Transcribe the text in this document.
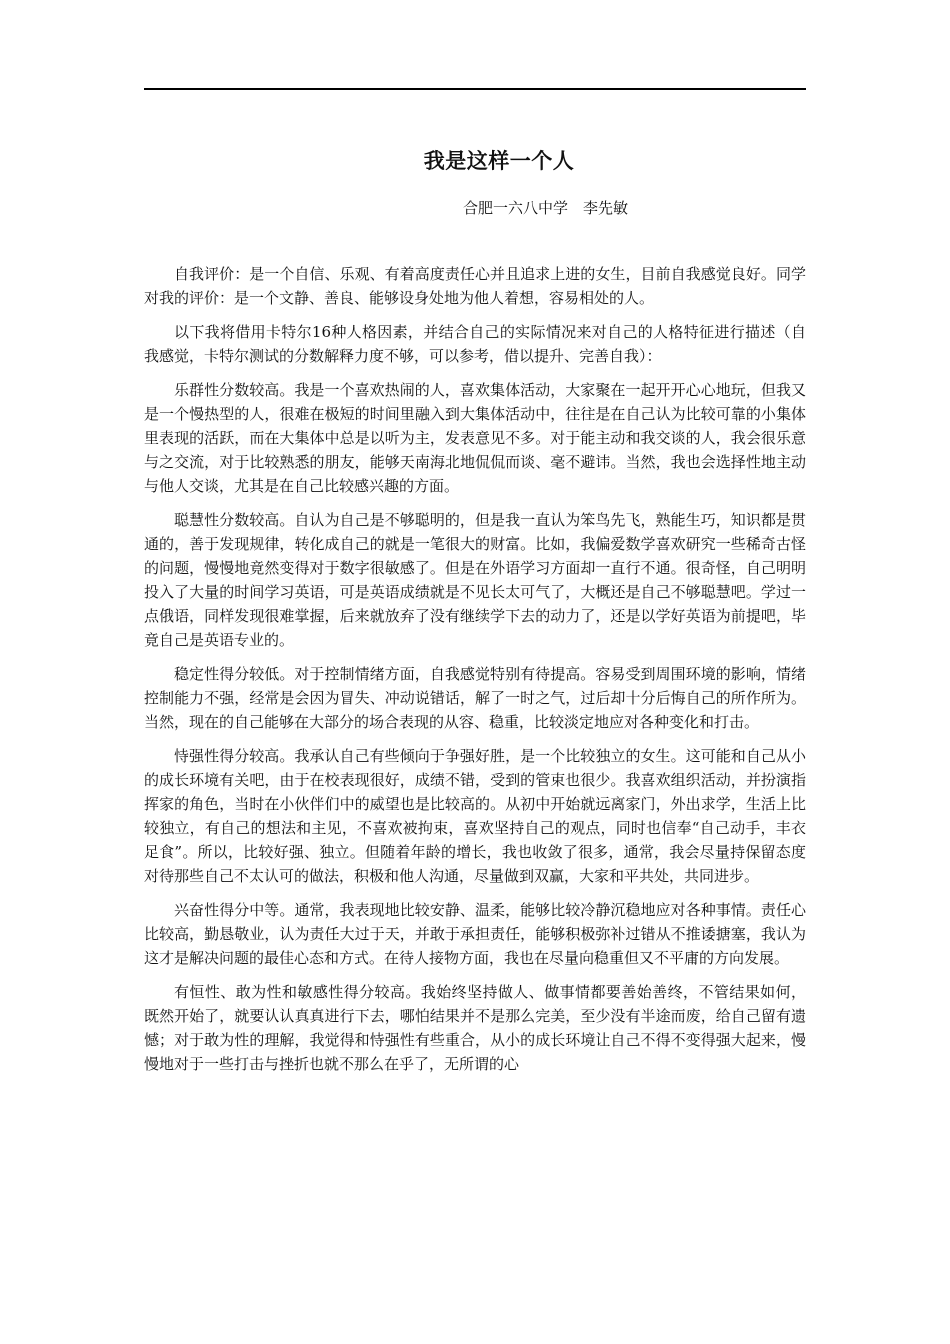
我是这样一个人
合肥一六八中学　李先敏

自我评价：是一个自信、乐观、有着高度责任心并且追求上进的女生，目前自我感觉良好。同学对我的评价：是一个文静、善良、能够设身处地为他人着想，容易相处的人。

以下我将借用卡特尔16种人格因素，并结合自己的实际情况来对自己的人格特征进行描述（自我感觉，卡特尔测试的分数解释力度不够，可以参考，借以提升、完善自我）：

乐群性分数较高。我是一个喜欢热闹的人，喜欢集体活动，大家聚在一起开开心心地玩，但我又是一个慢热型的人，很难在极短的时间里融入到大集体活动中，往往是在自己认为比较可靠的小集体里表现的活跃，而在大集体中总是以听为主，发表意见不多。对于能主动和我交谈的人，我会很乐意与之交流，对于比较熟悉的朋友，能够天南海北地侃侃而谈、毫不避讳。当然，我也会选择性地主动与他人交谈，尤其是在自己比较感兴趣的方面。

聪慧性分数较高。自认为自己是不够聪明的，但是我一直认为笨鸟先飞，熟能生巧，知识都是贯通的，善于发现规律，转化成自己的就是一笔很大的财富。比如，我偏爱数学喜欢研究一些稀奇古怪的问题，慢慢地竟然变得对于数字很敏感了。但是在外语学习方面却一直行不通。很奇怪，自己明明投入了大量的时间学习英语，可是英语成绩就是不见长太可气了，大概还是自己不够聪慧吧。学过一点俄语，同样发现很难掌握，后来就放弃了没有继续学下去的动力了，还是以学好英语为前提吧，毕竟自己是英语专业的。

稳定性得分较低。对于控制情绪方面，自我感觉特别有待提高。容易受到周围环境的影响，情绪控制能力不强，经常是会因为冒失、冲动说错话，解了一时之气，过后却十分后悔自己的所作所为。当然，现在的自己能够在大部分的场合表现的从容、稳重，比较淡定地应对各种变化和打击。

恃强性得分较高。我承认自己有些倾向于争强好胜，是一个比较独立的女生。这可能和自己从小的成长环境有关吧，由于在校表现很好，成绩不错，受到的管束也很少。我喜欢组织活动，并扮演指挥家的角色，当时在小伙伴们中的威望也是比较高的。从初中开始就远离家门，外出求学，生活上比较独立，有自己的想法和主见，不喜欢被拘束，喜欢坚持自己的观点，同时也信奉“自己动手，丰衣足食”。所以，比较好强、独立。但随着年龄的增长，我也收敛了很多，通常，我会尽量持保留态度对待那些自己不太认可的做法，积极和他人沟通，尽量做到双赢，大家和平共处，共同进步。

兴奋性得分中等。通常，我表现地比较安静、温柔，能够比较冷静沉稳地应对各种事情。责任心比较高，勤恳敬业，认为责任大过于天，并敢于承担责任，能够积极弥补过错从不推诿搪塞，我认为这才是解决问题的最佳心态和方式。在待人接物方面，我也在尽量向稳重但又不平庸的方向发展。

有恒性、敢为性和敏感性得分较高。我始终坚持做人、做事情都要善始善终，不管结果如何， 既然开始了，就要认认真真进行下去，哪怕结果并不是那么完美，至少没有半途而废，给自己留有遗憾；对于敢为性的理解，我觉得和恃强性有些重合，从小的成长环境让自己不得不变得强大起来，慢慢地对于一些打击与挫折也就不那么在乎了，无所谓的心
